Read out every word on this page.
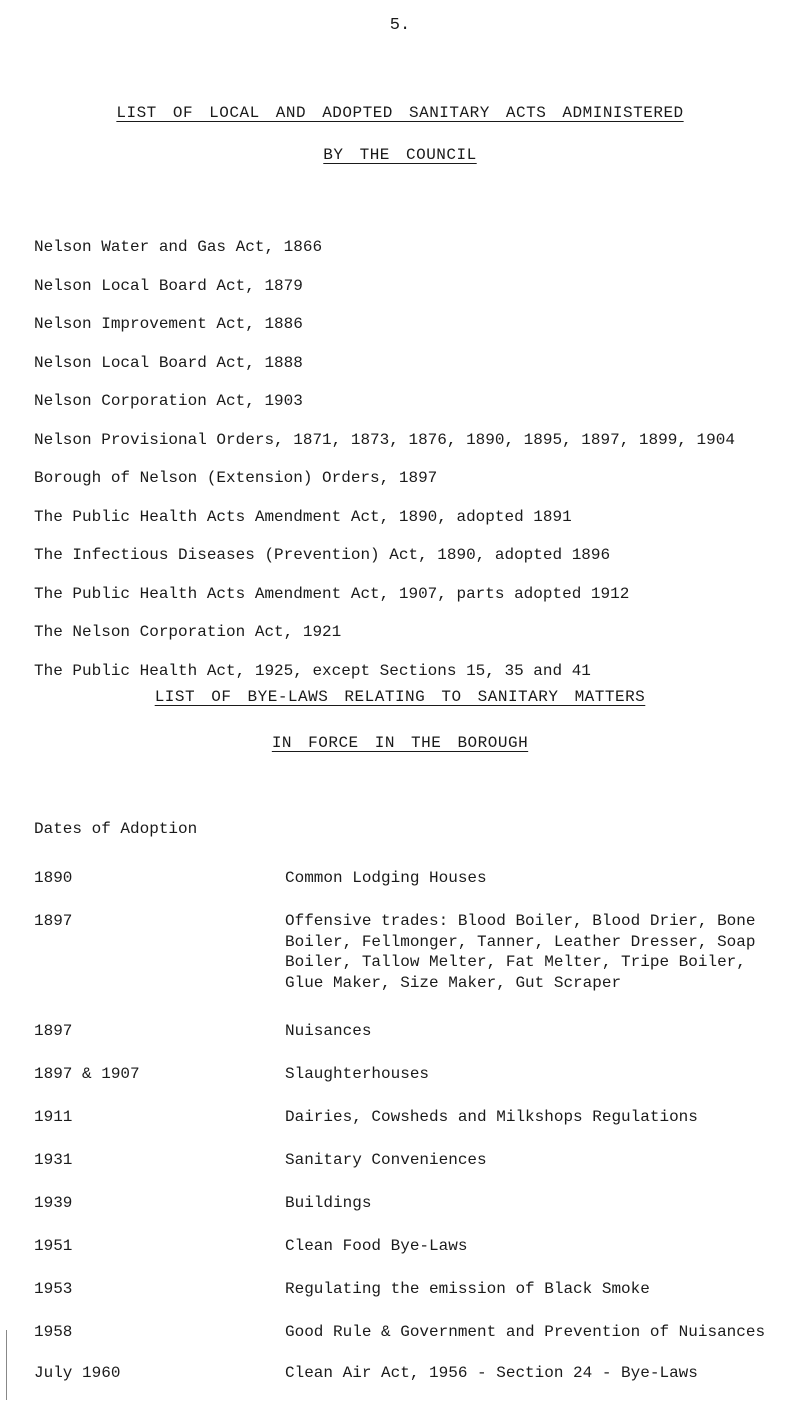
5.
LIST OF LOCAL AND ADOPTED SANITARY ACTS ADMINISTERED
BY THE COUNCIL
Nelson Water and Gas Act, 1866
Nelson Local Board Act, 1879
Nelson Improvement Act, 1886
Nelson Local Board Act, 1888
Nelson Corporation Act, 1903
Nelson Provisional Orders, 1871, 1873, 1876, 1890, 1895, 1897, 1899, 1904
Borough of Nelson (Extension) Orders, 1897
The Public Health Acts Amendment Act, 1890, adopted 1891
The Infectious Diseases (Prevention) Act, 1890, adopted 1896
The Public Health Acts Amendment Act, 1907, parts adopted 1912
The Nelson Corporation Act, 1921
The Public Health Act, 1925, except Sections 15, 35 and 41
LIST OF BYE-LAWS RELATING TO SANITARY MATTERS
IN FORCE IN THE BOROUGH
Dates of Adoption
1890	Common Lodging Houses
1897	Offensive trades: Blood Boiler, Blood Drier, Bone Boiler, Fellmonger, Tanner, Leather Dresser, Soap Boiler, Tallow Melter, Fat Melter, Tripe Boiler, Glue Maker, Size Maker, Gut Scraper
1897	Nuisances
1897 & 1907	Slaughterhouses
1911	Dairies, Cowsheds and Milkshops Regulations
1931	Sanitary Conveniences
1939	Buildings
1951	Clean Food Bye-Laws
1953	Regulating the emission of Black Smoke
1958	Good Rule & Government and Prevention of Nuisances
July 1960	Clean Air Act, 1956 - Section 24 - Bye-Laws
